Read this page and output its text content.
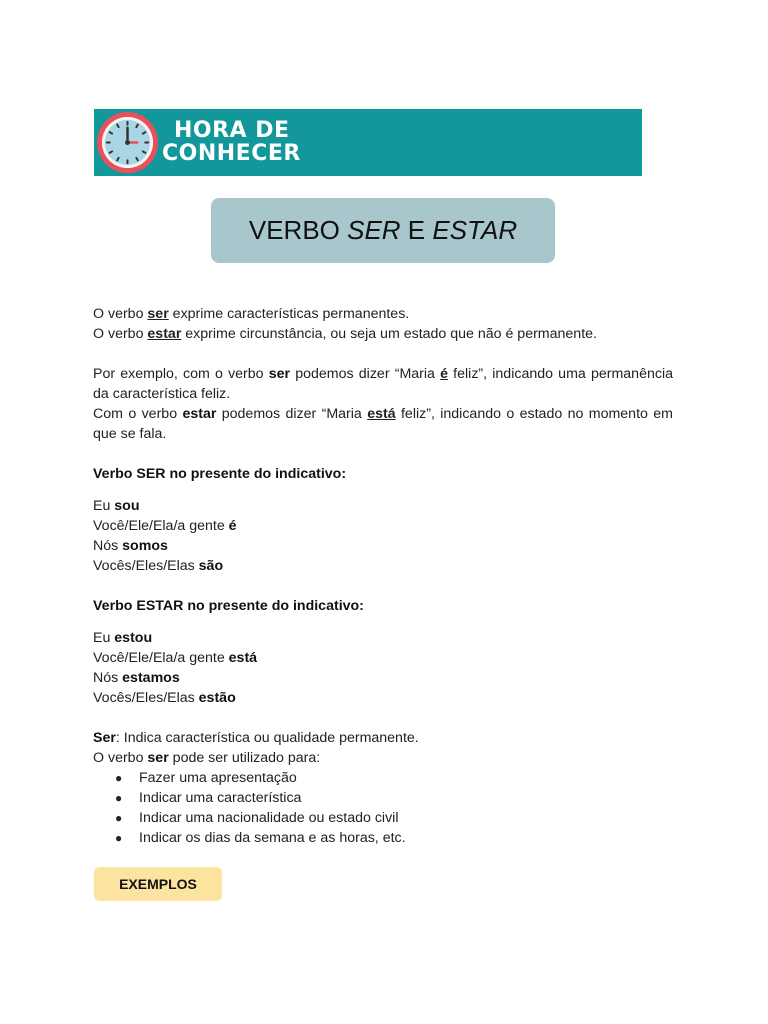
HORA DE
CONHECER
VERBO SER E ESTAR

O verbo ser exprime características permanentes.

O verbo estar exprime circunstância, ou seja um estado que não é permanente.

Por exemplo, com o verbo ser podemos dizer “Maria é feliz”, indicando uma permanência da característica feliz.

Com o verbo estar podemos dizer “Maria está feliz”, indicando o estado no momento em que se fala.

Verbo SER no presente do indicativo:

Eu sou

Você/Ele/Ela/a gente é

Nós somos

Vocês/Eles/Elas são

Verbo ESTAR no presente do indicativo:

Eu estou

Você/Ele/Ela/a gente está

Nós estamos

Vocês/Eles/Elas estão

Ser: Indica característica ou qualidade permanente.

O verbo ser pode ser utilizado para:

● Fazer uma apresentação
● Indicar uma característica
● Indicar uma nacionalidade ou estado civil
● Indicar os dias da semana e as horas, etc.
EXEMPLOS
